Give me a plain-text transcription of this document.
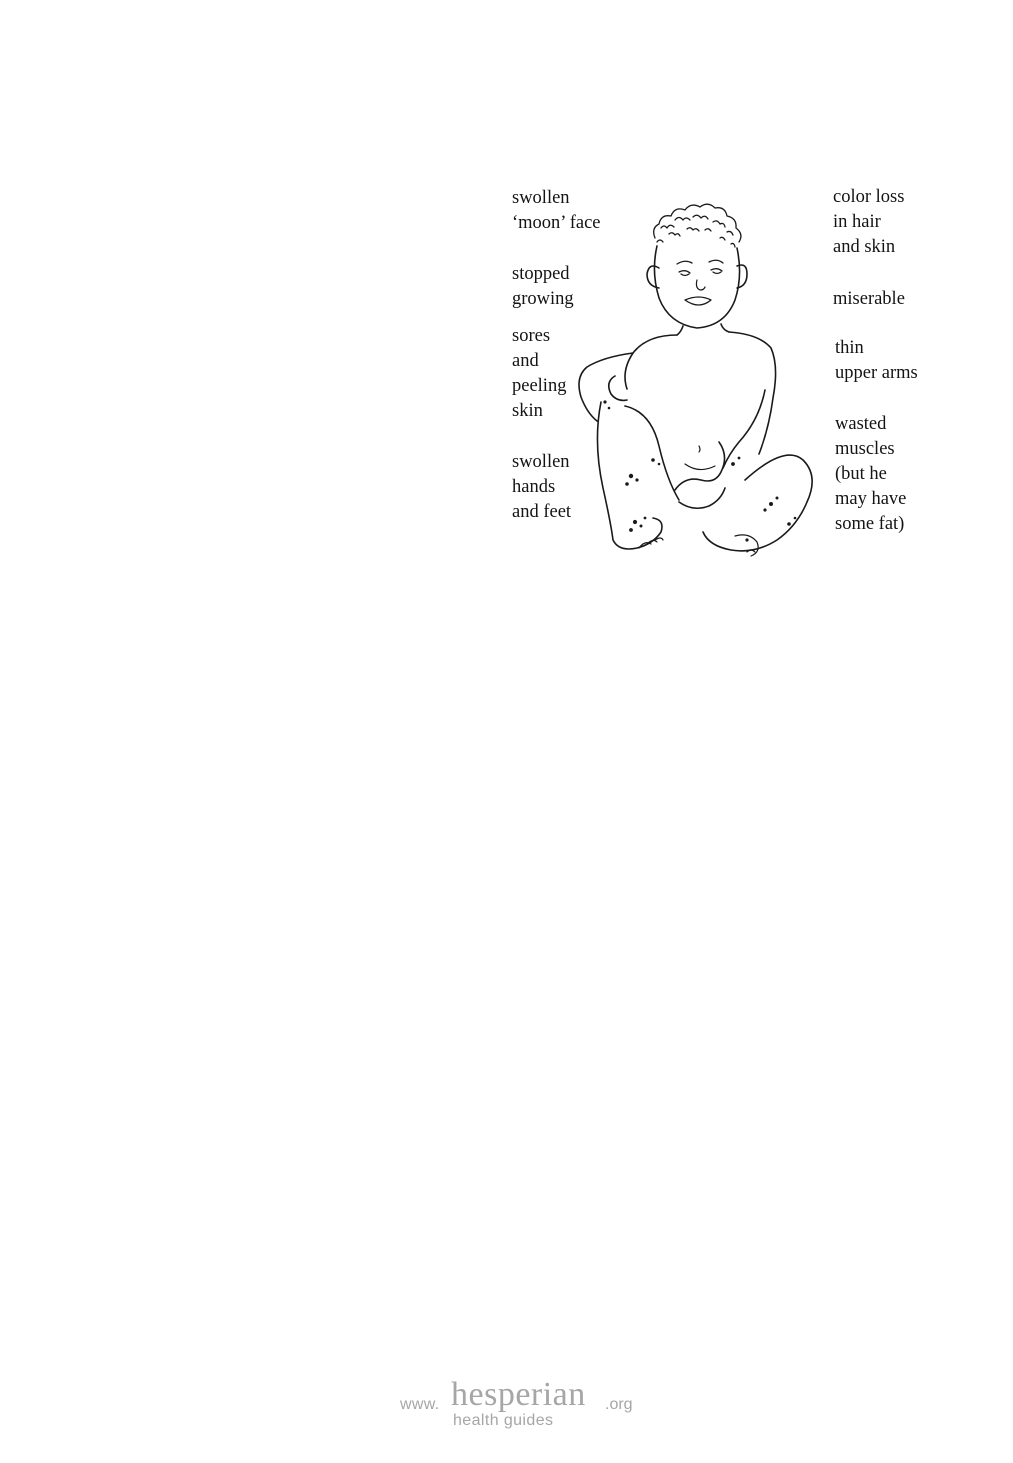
swollen
‘moon’ face
stopped
growing
sores
and
peeling
skin
swollen
hands
and feet
color loss
in hair
and skin
miserable
thin
upper arms
wasted
muscles
(but he
may have
some fat)
www. hesperian .org
health guides
